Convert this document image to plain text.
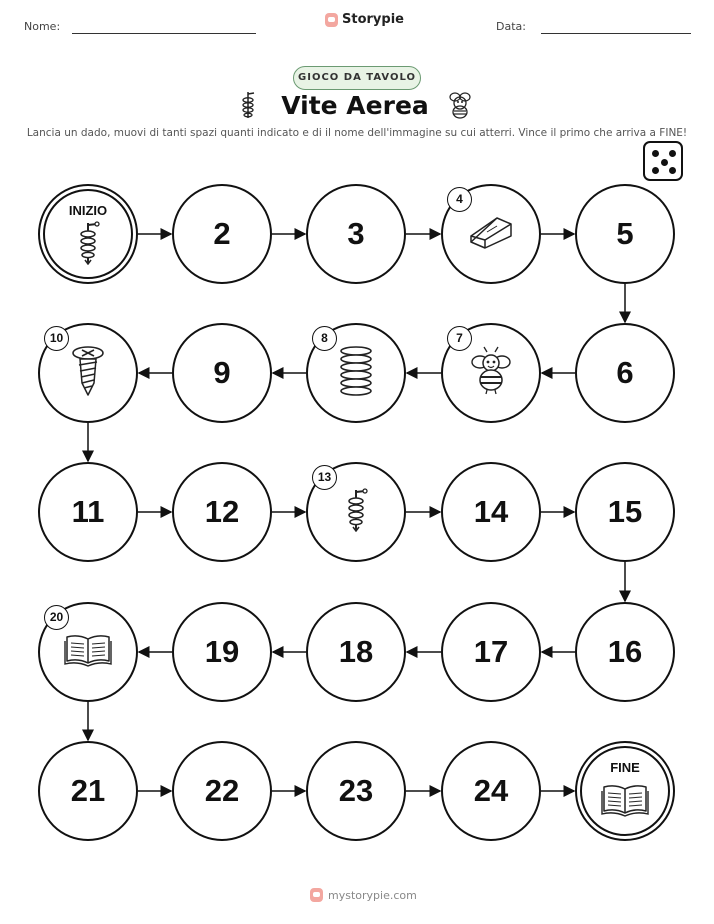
Nome:	Storypie	Data:
GIOCO DA TAVOLO
Vite Aerea
Lancia un dado, muovi di tanti spazi quanti indicato e di il nome dell'immagine su cui atterri. Vince il primo che arriva a FINE!
INIZIO
2	3
4
5
6
7
8
9
10
11	12
13
14	15
16
17
18
19
20
21	22	23	24
FINE
mystorypie.com
